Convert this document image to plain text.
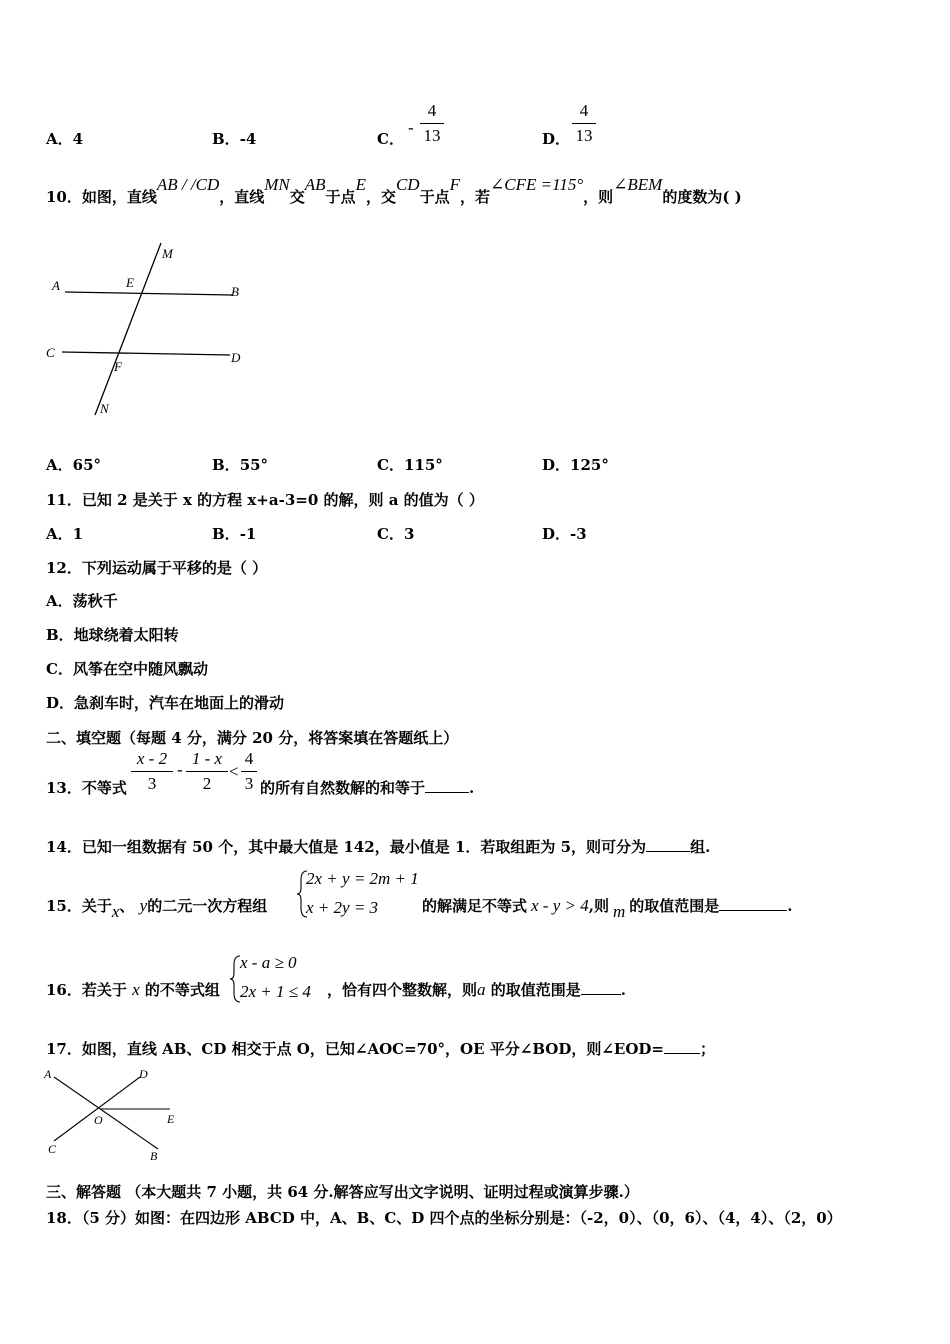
A．4	B．-4	C．
-
4
13	D．
4
13
10．如图，直线AB / /CD，直线MN交AB于点E，交CD于点F，若∠CFE =115°，则∠BEM的度数为( )
A	E
B
M
C
F
D
N
A．65°	B．55°	C．115°	D．125°
11．已知 2 是关于 x 的方程 x+a-3=0 的解，则 a 的值为（ ）
A．1	B．-1	C．3	D．-3
12．下列运动属于平移的是（ ）
A．荡秋千
B．地球绕着太阳转
C．风筝在空中随风飘动
D．急刹车时，汽车在地面上的滑动
二、填空题（每题 4 分，满分 20 分，将答案填在答题纸上）
13．不等式
x - 2
3
-
1 - x
2
<
4
3 的所有自然数解的和等于	.
14．已知一组数据有 50 个，其中最大值是 142，最小值是 1．若取组距为 5，则可分为	组.
15．关于x、 y的二元一次方程组
2x + y = 2m + 1
x + 2y = 3	的解满足不等式 x - y > 4,则 m 的取值范围是	.
16．若关于 x 的不等式组
x - a ≥ 0
2x + 1 ≤ 4 ，恰有四个整数解，则a 的取值范围是	.
17．如图，直线 AB、CD 相交于点 O，已知∠AOC=70°，OE 平分∠BOD，则∠EOD= ；
A	D
O	E
C	B
三、解答题 （本大题共 7 小题，共 64 分.解答应写出文字说明、证明过程或演算步骤.）
18．（5 分）如图：在四边形 ABCD 中，A、B、C、D 四个点的坐标分别是：（-2，0）、（0，6）、（4，4）、（2，0）
